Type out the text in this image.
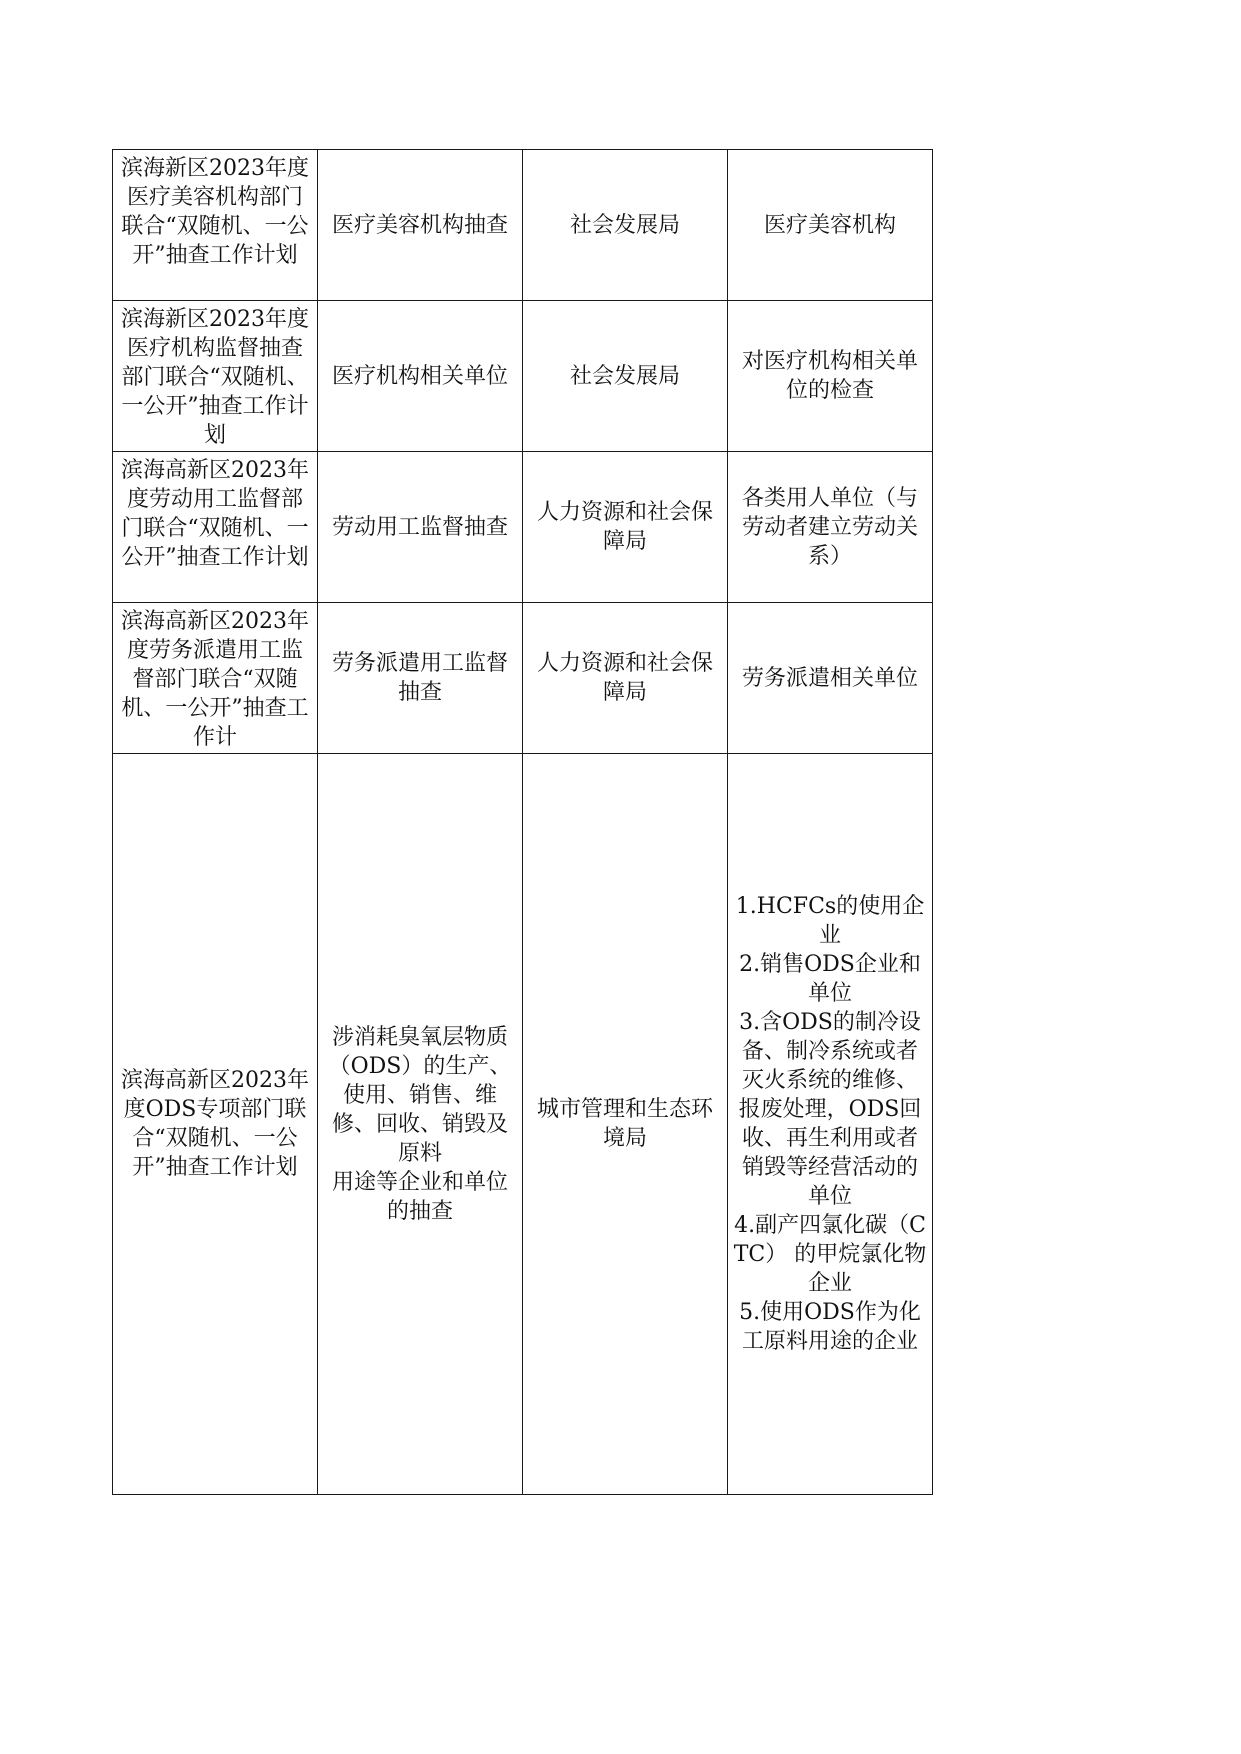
滨海新区2023年度医疗美容机构部门联合“双随机、一公开”抽查工作计划	医疗美容机构抽查	社会发展局	医疗美容机构

滨海新区2023年度医疗机构监督抽查部门联合“双随机、一公开”抽查工作计划	医疗机构相关单位	社会发展局	对医疗机构相关单位的检查

滨海高新区2023年度劳动用工监督部门联合“双随机、一公开”抽查工作计划	劳动用工监督抽查	人力资源和社会保障局	各类用人单位（与劳动者建立劳动关系）

滨海高新区2023年度劳务派遣用工监督部门联合“双随机、一公开”抽查工作计	劳务派遣用工监督抽查	人力资源和社会保障局	劳务派遣相关单位

滨海高新区2023年度ODS专项部门联合“双随机、一公开”抽查工作计划	涉消耗臭氧层物质（ODS）的生产、使用、销售、维修、回收、销毁及原料
用途等企业和单位的抽查	城市管理和生态环境局	1.HCFCs的使用企业
2.销售ODS企业和单位
3.含ODS的制冷设备、制冷系统或者灭火系统的维修、报废处理，ODS回收、再生利用或者销毁等经营活动的单位
4.副产四氯化碳（CTC） 的甲烷氯化物企业
5.使用ODS作为化工原料用途的企业
